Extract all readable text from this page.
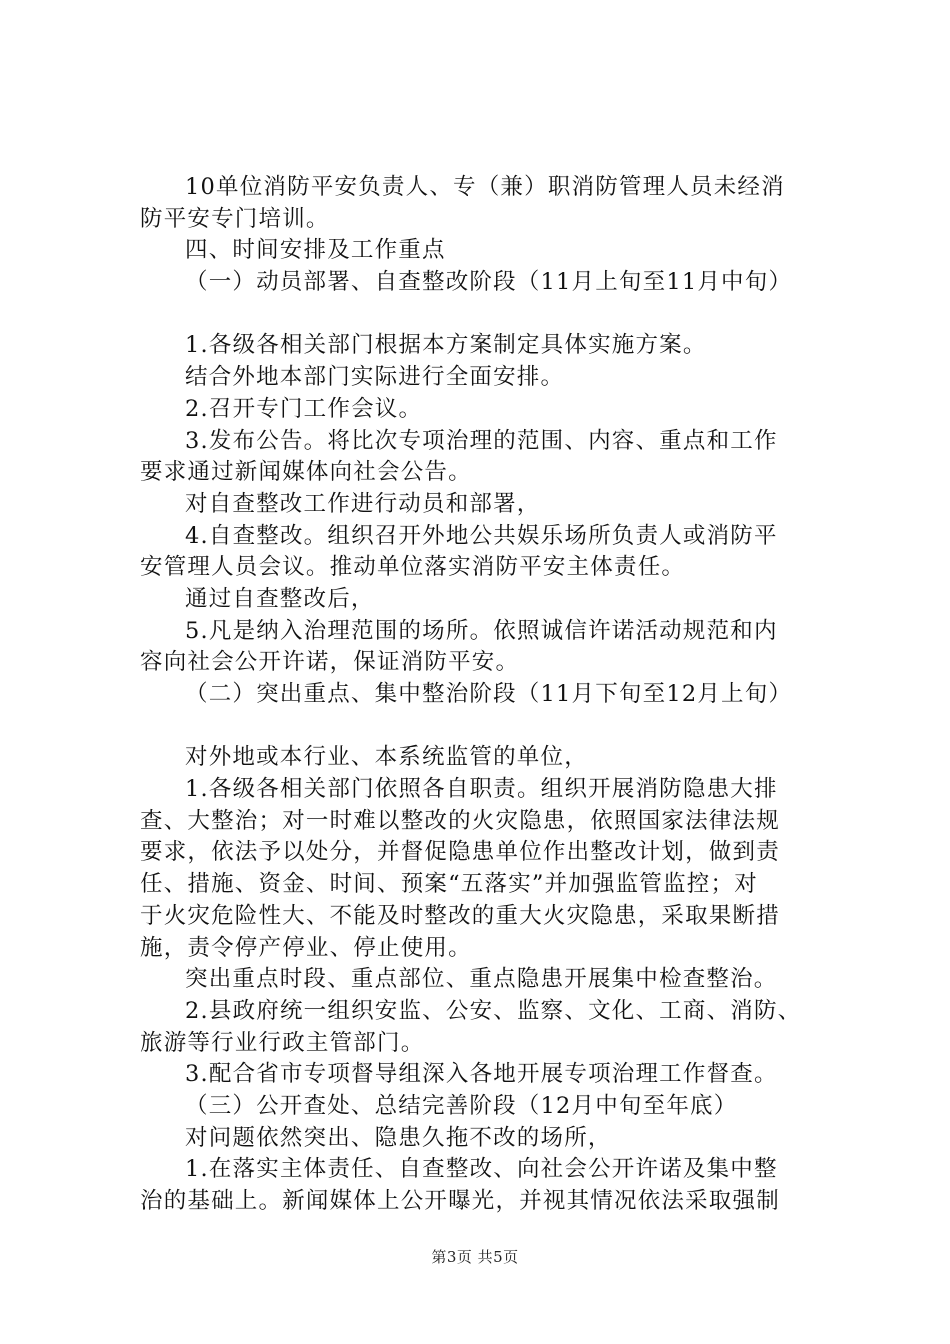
10单位消防平安负责人、专（兼）职消防管理人员未经消
防平安专门培训。
四、时间安排及工作重点
（一）动员部署、自查整改阶段（11月上旬至11月中旬）
1.各级各相关部门根据本方案制定具体实施方案。
结合外地本部门实际进行全面安排。
2.召开专门工作会议。
3.发布公告。将比次专项治理的范围、内容、重点和工作
要求通过新闻媒体向社会公告。
对自查整改工作进行动员和部署，
4.自查整改。组织召开外地公共娱乐场所负责人或消防平
安管理人员会议。推动单位落实消防平安主体责任。
通过自查整改后，
5.凡是纳入治理范围的场所。依照诚信许诺活动规范和内
容向社会公开许诺，保证消防平安。
（二）突出重点、集中整治阶段（11月下旬至12月上旬）
对外地或本行业、本系统监管的单位，
1.各级各相关部门依照各自职责。组织开展消防隐患大排
查、大整治；对一时难以整改的火灾隐患，依照国家法律法规
要求，依法予以处分，并督促隐患单位作出整改计划，做到责
任、措施、资金、时间、预案“五落实”并加强监管监控；对
于火灾危险性大、不能及时整改的重大火灾隐患，采取果断措
施，责令停产停业、停止使用。
突出重点时段、重点部位、重点隐患开展集中检查整治。
2.县政府统一组织安监、公安、监察、文化、工商、消防、
旅游等行业行政主管部门。
3.配合省市专项督导组深入各地开展专项治理工作督查。
（三）公开查处、总结完善阶段（12月中旬至年底）
对问题依然突出、隐患久拖不改的场所，
1.在落实主体责任、自查整改、向社会公开许诺及集中整
治的基础上。新闻媒体上公开曝光，并视其情况依法采取强制
第3页 共5页
